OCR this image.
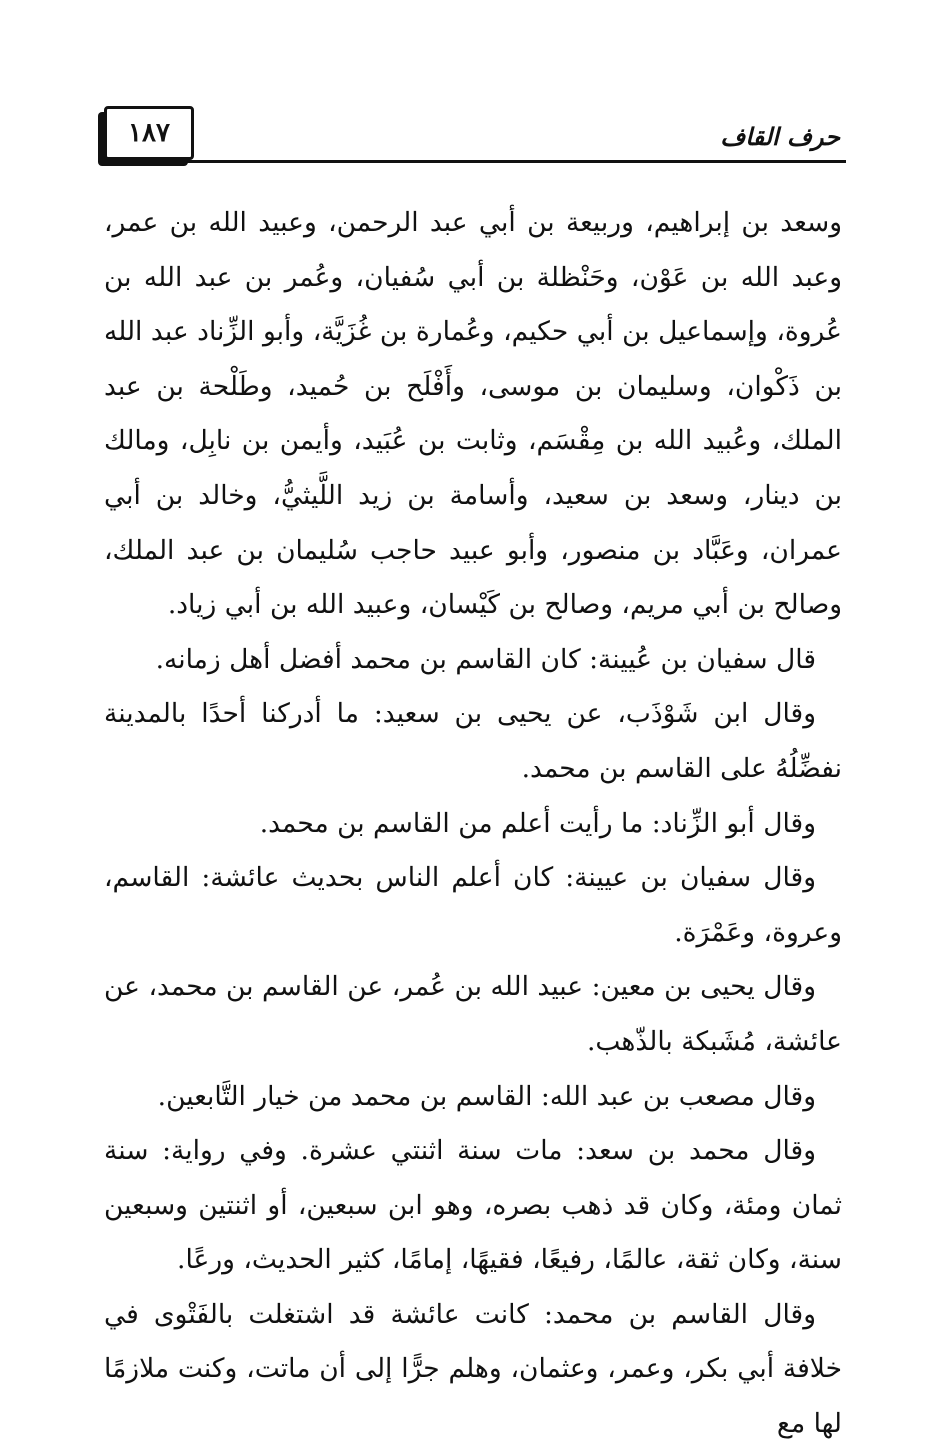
حرف القاف
١٨٧

وسعد بن إبراهيم، وربيعة بن أبي عبد الرحمن، وعبيد الله بن عمر، وعبد الله بن عَوْن، وحَنْظلة بن أبي سُفيان، وعُمر بن عبد الله بن عُروة، وإسماعيل بن أبي حكيم، وعُمارة بن غُزَيَّة، وأبو الزِّناد عبد الله بن ذَكْوان، وسليمان بن موسى، وأَفْلَح بن حُميد، وطَلْحة بن عبد الملك، وعُبيد الله بن مِقْسَم، وثابت بن عُبَيد، وأيمن بن نابِل، ومالك بن دينار، وسعد بن سعيد، وأسامة بن زيد اللَّيثيُّ، وخالد بن أبي عمران، وعَبَّاد بن منصور، وأبو عبيد حاجب سُليمان بن عبد الملك، وصالح بن أبي مريم، وصالح بن كَيْسان، وعبيد الله بن أبي زياد.

قال سفيان بن عُيينة: كان القاسم بن محمد أفضل أهل زمانه.

وقال ابن شَوْذَب، عن يحيى بن سعيد: ما أدركنا أحدًا بالمدينة نفضِّلُهُ على القاسم بن محمد.

وقال أبو الزِّناد: ما رأيت أعلم من القاسم بن محمد.

وقال سفيان بن عيينة: كان أعلم الناس بحديث عائشة: القاسم، وعروة، وعَمْرَة.

وقال يحيى بن معين: عبيد الله بن عُمر، عن القاسم بن محمد، عن عائشة، مُشَبكة بالذّهب.

وقال مصعب بن عبد الله: القاسم بن محمد من خيار التَّابعين.

وقال محمد بن سعد: مات سنة اثنتي عشرة. وفي رواية: سنة ثمان ومئة، وكان قد ذهب بصره، وهو ابن سبعين، أو اثنتين وسبعين سنة، وكان ثقة، عالمًا، رفيعًا، فقيهًا، إمامًا، كثير الحديث، ورعًا.

وقال القاسم بن محمد: كانت عائشة قد اشتغلت بالفَتْوى في خلافة أبي بكر، وعمر، وعثمان، وهلم جرًّا إلى أن ماتت، وكنت ملازمًا لها مع
